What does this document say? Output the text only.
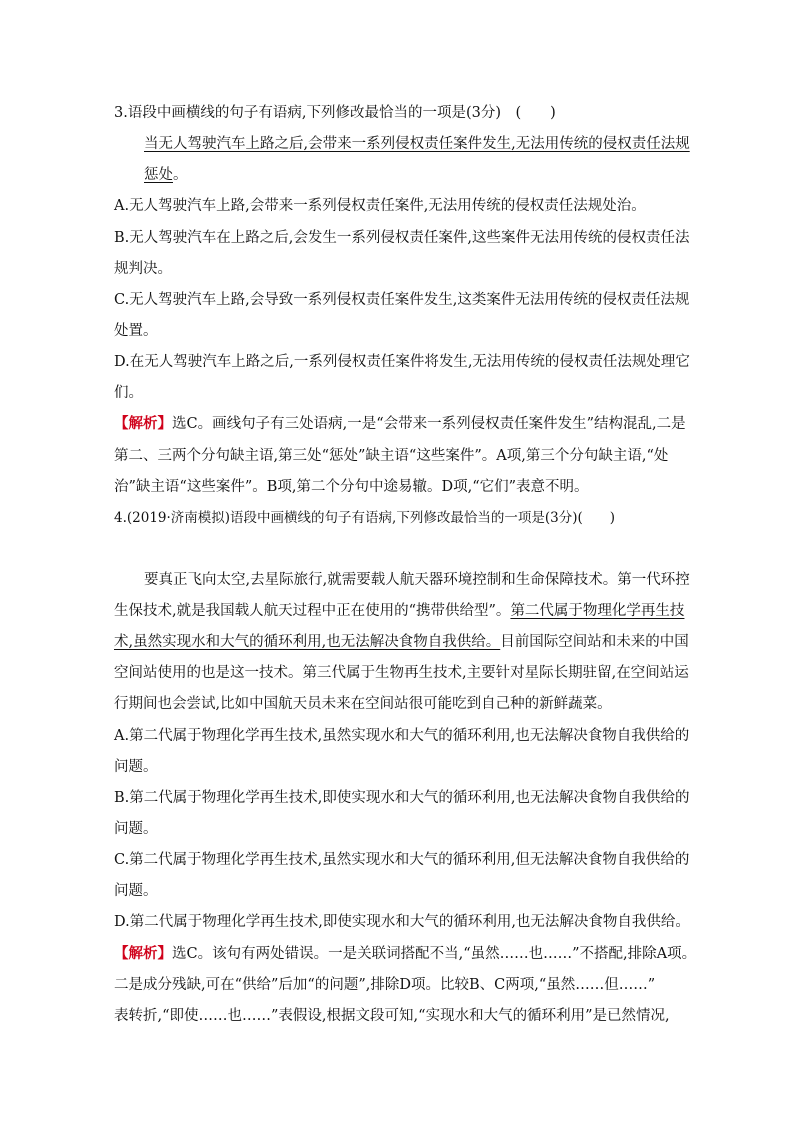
3.语段中画横线的句子有语病,下列修改最恰当的一项是(3分)　(　　)

当无人驾驶汽车上路之后,会带来一系列侵权责任案件发生,无法用传统的侵权责任法规

惩处。

A.无人驾驶汽车上路,会带来一系列侵权责任案件,无法用传统的侵权责任法规处治。

B.无人驾驶汽车在上路之后,会发生一系列侵权责任案件,这些案件无法用传统的侵权责任法

规判决。

C.无人驾驶汽车上路,会导致一系列侵权责任案件发生,这类案件无法用传统的侵权责任法规

处置。

D.在无人驾驶汽车上路之后,一系列侵权责任案件将发生,无法用传统的侵权责任法规处理它

们。

【解析】选C。画线句子有三处语病,一是“会带来一系列侵权责任案件发生”结构混乱,二是

第二、三两个分句缺主语,第三处“惩处”缺主语“这些案件”。A项,第三个分句缺主语,“处

治”缺主语“这些案件”。B项,第二个分句中途易辙。D项,“它们”表意不明。

4.(2019·济南模拟)语段中画横线的句子有语病,下列修改最恰当的一项是(3分)(　　)

要真正飞向太空,去星际旅行,就需要载人航天器环境控制和生命保障技术。第一代环控

生保技术,就是我国载人航天过程中正在使用的“携带供给型”。第二代属于物理化学再生技

术,虽然实现水和大气的循环利用,也无法解决食物自我供给。目前国际空间站和未来的中国

空间站使用的也是这一技术。第三代属于生物再生技术,主要针对星际长期驻留,在空间站运

行期间也会尝试,比如中国航天员未来在空间站很可能吃到自己种的新鲜蔬菜。

A.第二代属于物理化学再生技术,虽然实现水和大气的循环利用,也无法解决食物自我供给的

问题。

B.第二代属于物理化学再生技术,即使实现水和大气的循环利用,也无法解决食物自我供给的

问题。

C.第二代属于物理化学再生技术,虽然实现水和大气的循环利用,但无法解决食物自我供给的

问题。

D.第二代属于物理化学再生技术,即使实现水和大气的循环利用,也无法解决食物自我供给。

【解析】选C。该句有两处错误。一是关联词搭配不当,“虽然……也……”不搭配,排除A项。

二是成分残缺,可在“供给”后加“的问题”,排除D项。比较B、C两项,“虽然……但……”

表转折,“即使……也……”表假设,根据文段可知,“实现水和大气的循环利用”是已然情况,
